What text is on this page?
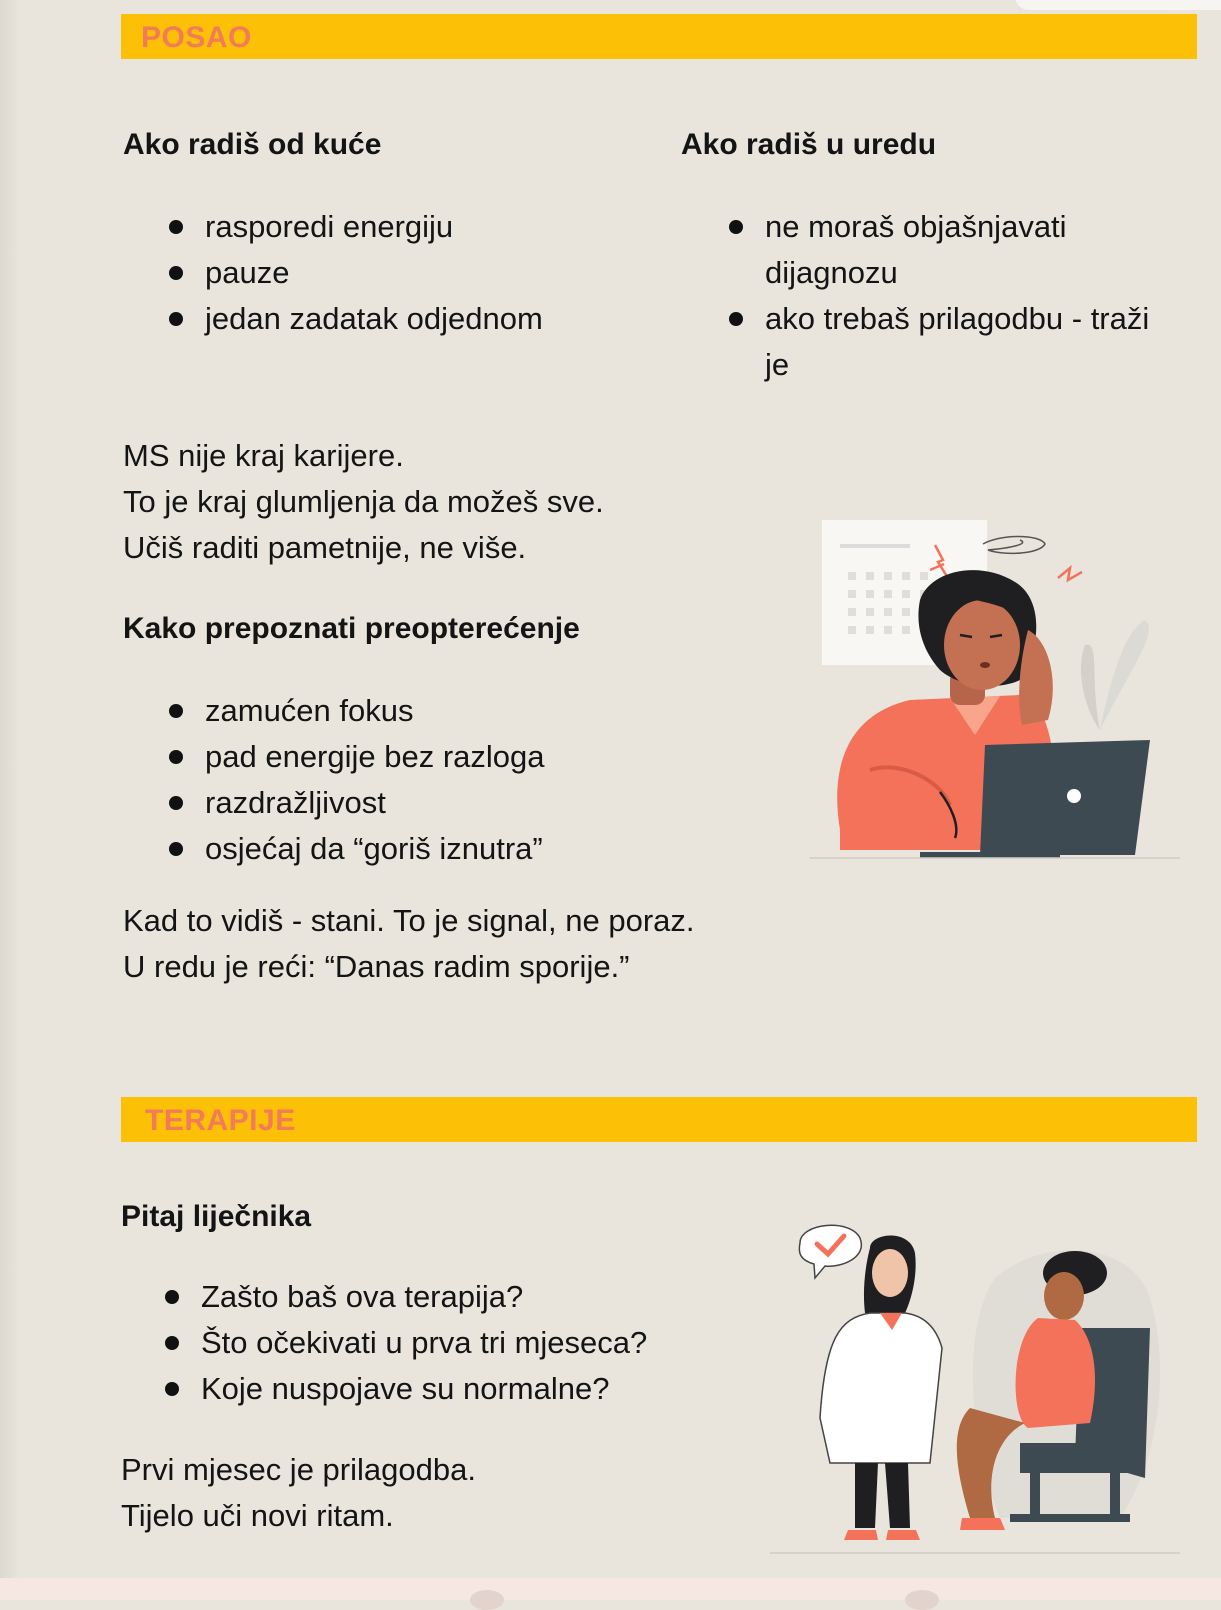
POSAO
Ako radiš od kuće
rasporedi energiju
pauze
jedan zadatak odjednom
Ako radiš u uredu
ne moraš objašnjavati dijagnozu
ako trebaš prilagodbu - traži je
MS nije kraj karijere.
To je kraj glumljenja da možeš sve.
Učiš raditi pametnije, ne više.
Kako prepoznati preopterećenje
zamućen fokus
pad energije bez razloga
razdražljivost
osjećaj da “goriš iznutra”
Kad to vidiš - stani. To je signal, ne poraz.
U redu je reći: “Danas radim sporije.”
TERAPIJE
Pitaj liječnika
Zašto baš ova terapija?
Što očekivati u prva tri mjeseca?
Koje nuspojave su normalne?
Prvi mjesec je prilagodba.
Tijelo uči novi ritam.
